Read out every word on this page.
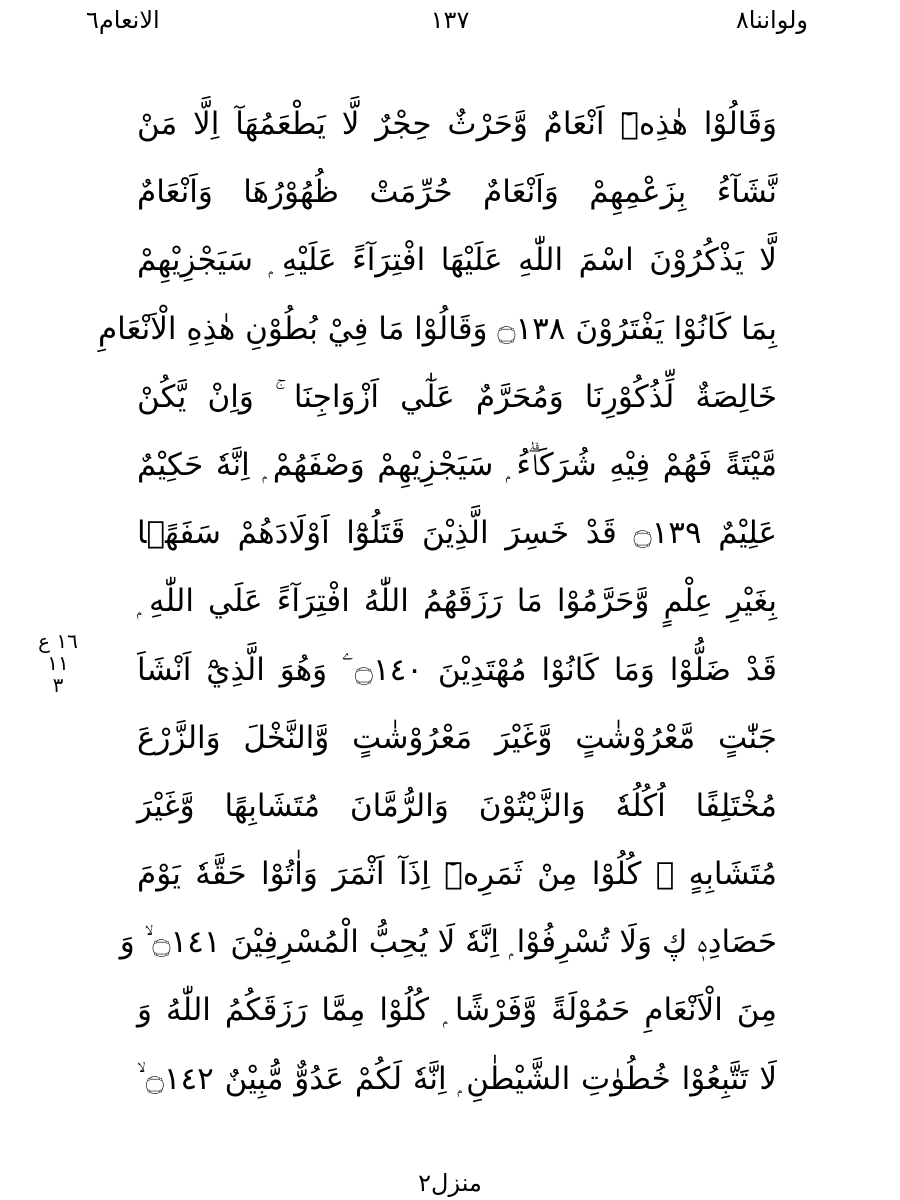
ولواننا٨
١٣٧
الانعام٦
وَقَالُوْا هٰذِهٖٓ اَنْعَامٌ وَّحَرْثٌ حِجْرٌ لَّا يَطْعَمُهَآ اِلَّا مَنْ
نَّشَآءُ بِزَعْمِهِمْ وَاَنْعَامٌ حُرِّمَتْ ظُهُوْرُهَا وَاَنْعَامٌ
لَّا يَذْكُرُوْنَ اسْمَ اللّٰهِ عَلَيْهَا افْتِرَآءً عَلَيْهِ ۭ سَيَجْزِيْهِمْ
بِمَا كَانُوْا يَفْتَرُوْنَ ۝١٣٨ وَقَالُوْا مَا فِيْ بُطُوْنِ هٰذِهِ الْاَنْعَامِ
خَالِصَةٌ لِّذُكُوْرِنَا وَمُحَرَّمٌ عَلٰٓي اَزْوَاجِنَا ۚ وَاِنْ يَّكُنْ
مَّيْتَةً فَهُمْ فِيْهِ شُرَكَاۗءُ ۭ سَيَجْزِيْهِمْ وَصْفَهُمْ ۭ اِنَّهٗ حَكِيْمٌ
عَلِيْمٌ ۝١٣٩ قَدْ خَسِرَ الَّذِيْنَ قَتَلُوْٓا اَوْلَادَهُمْ سَفَهًۢا
بِغَيْرِ عِلْمٍ وَّحَرَّمُوْا مَا رَزَقَهُمُ اللّٰهُ افْتِرَآءً عَلَي اللّٰهِ ۭ
قَدْ ضَلُّوْا وَمَا كَانُوْا مُهْتَدِيْنَ ۝١٤٠ ۧ وَهُوَ الَّذِيْٓ اَنْشَاَ
جَنّٰتٍ مَّعْرُوْشٰتٍ وَّغَيْرَ مَعْرُوْشٰتٍ وَّالنَّخْلَ وَالزَّرْعَ
مُخْتَلِفًا اُكُلُهٗ وَالزَّيْتُوْنَ وَالرُّمَّانَ مُتَشَابِهًا وَّغَيْرَ
مُتَشَابِهٍ ۭ كُلُوْا مِنْ ثَمَرِهٖٓ اِذَآ اَثْمَرَ وَاٰتُوْا حَقَّهٗ يَوْمَ
حَصَادِهٖ ڮ وَلَا تُسْرِفُوْا ۭ اِنَّهٗ لَا يُحِبُّ الْمُسْرِفِيْنَ ۝١٤١ ۙ وَ
مِنَ الْاَنْعَامِ حَمُوْلَةً وَّفَرْشًا ۭ كُلُوْا مِمَّا رَزَقَكُمُ اللّٰهُ وَ
لَا تَتَّبِعُوْا خُطُوٰتِ الشَّيْطٰنِ ۭ اِنَّهٗ لَكُمْ عَدُوٌّ مُّبِيْنٌ ۝١٤٢ ۙ
١٦ ع
١١
٣
منزل٢
